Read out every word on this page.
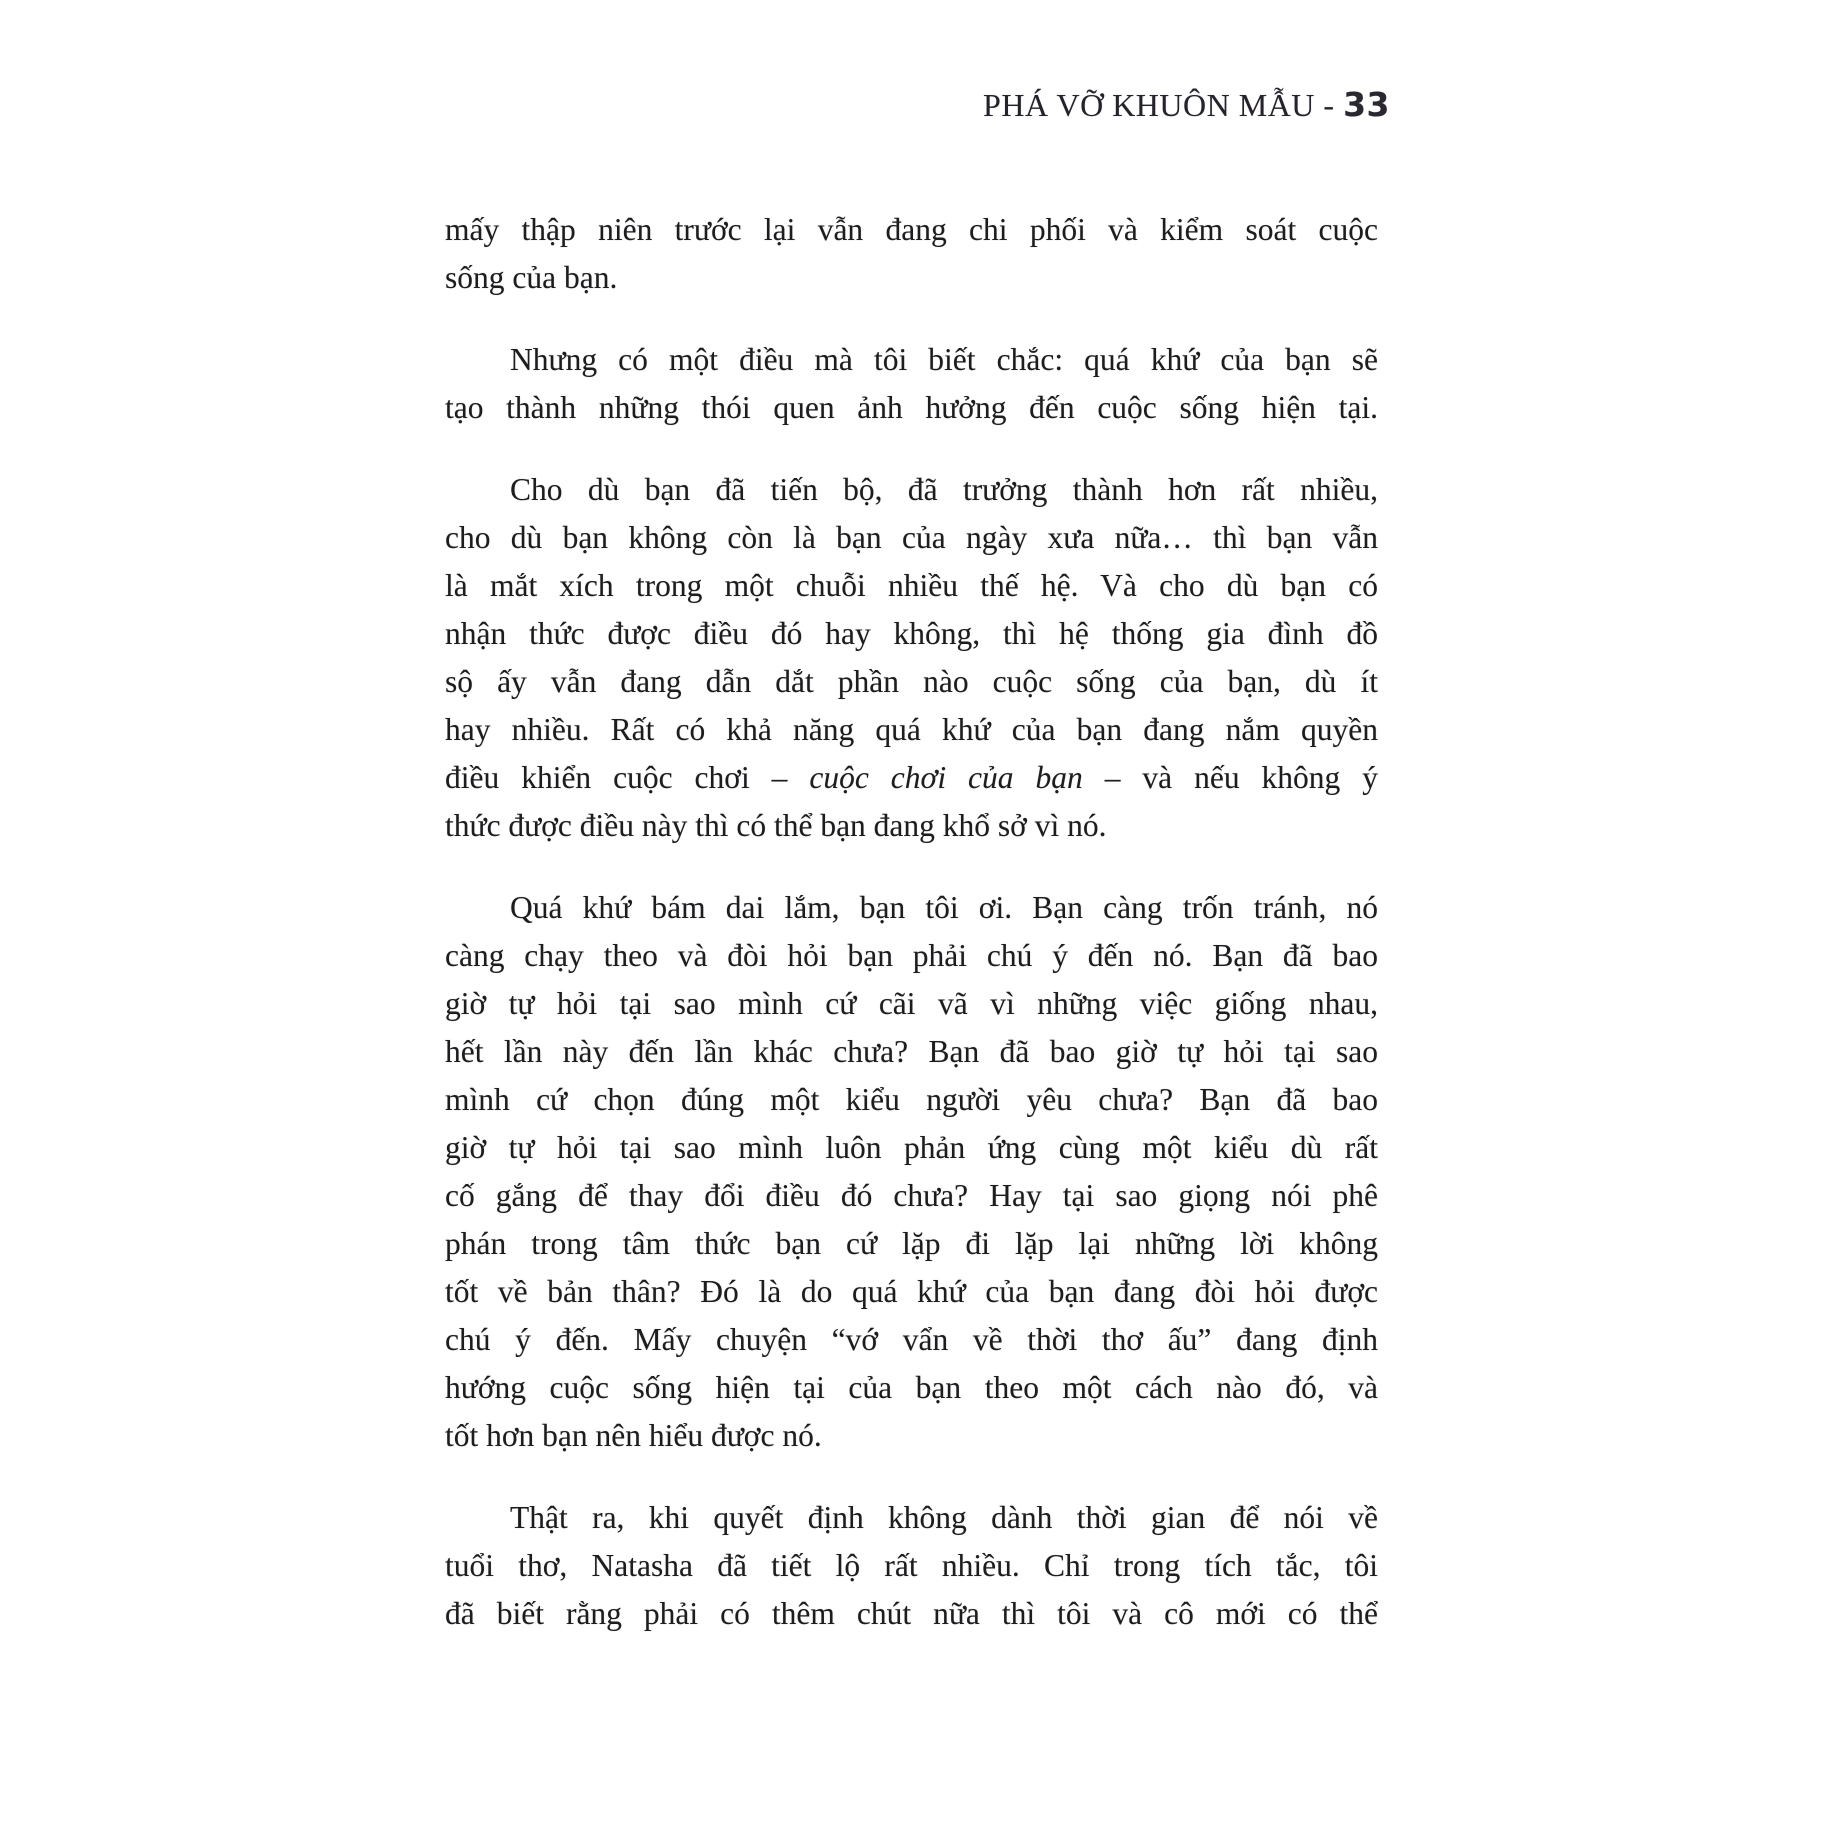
PHÁ VỠ KHUÔN MẪU - 33
mấy thập niên trước lại vẫn đang chi phối và kiểm soát cuộc
sống của bạn.
Nhưng có một điều mà tôi biết chắc: quá khứ của bạn sẽ
tạo thành những thói quen ảnh hưởng đến cuộc sống hiện tại.
Cho dù bạn đã tiến bộ, đã trưởng thành hơn rất nhiều,
cho dù bạn không còn là bạn của ngày xưa nữa… thì bạn vẫn
là mắt xích trong một chuỗi nhiều thế hệ. Và cho dù bạn có
nhận thức được điều đó hay không, thì hệ thống gia đình đồ
sộ ấy vẫn đang dẫn dắt phần nào cuộc sống của bạn, dù ít
hay nhiều. Rất có khả năng quá khứ của bạn đang nắm quyền
điều khiển cuộc chơi – cuộc chơi của bạn – và nếu không ý
thức được điều này thì có thể bạn đang khổ sở vì nó.
Quá khứ bám dai lắm, bạn tôi ơi. Bạn càng trốn tránh, nó
càng chạy theo và đòi hỏi bạn phải chú ý đến nó. Bạn đã bao
giờ tự hỏi tại sao mình cứ cãi vã vì những việc giống nhau,
hết lần này đến lần khác chưa? Bạn đã bao giờ tự hỏi tại sao
mình cứ chọn đúng một kiểu người yêu chưa? Bạn đã bao
giờ tự hỏi tại sao mình luôn phản ứng cùng một kiểu dù rất
cố gắng để thay đổi điều đó chưa? Hay tại sao giọng nói phê
phán trong tâm thức bạn cứ lặp đi lặp lại những lời không
tốt về bản thân? Đó là do quá khứ của bạn đang đòi hỏi được
chú ý đến. Mấy chuyện “vớ vẩn về thời thơ ấu” đang định
hướng cuộc sống hiện tại của bạn theo một cách nào đó, và
tốt hơn bạn nên hiểu được nó.
Thật ra, khi quyết định không dành thời gian để nói về
tuổi thơ, Natasha đã tiết lộ rất nhiều. Chỉ trong tích tắc, tôi
đã biết rằng phải có thêm chút nữa thì tôi và cô mới có thể
